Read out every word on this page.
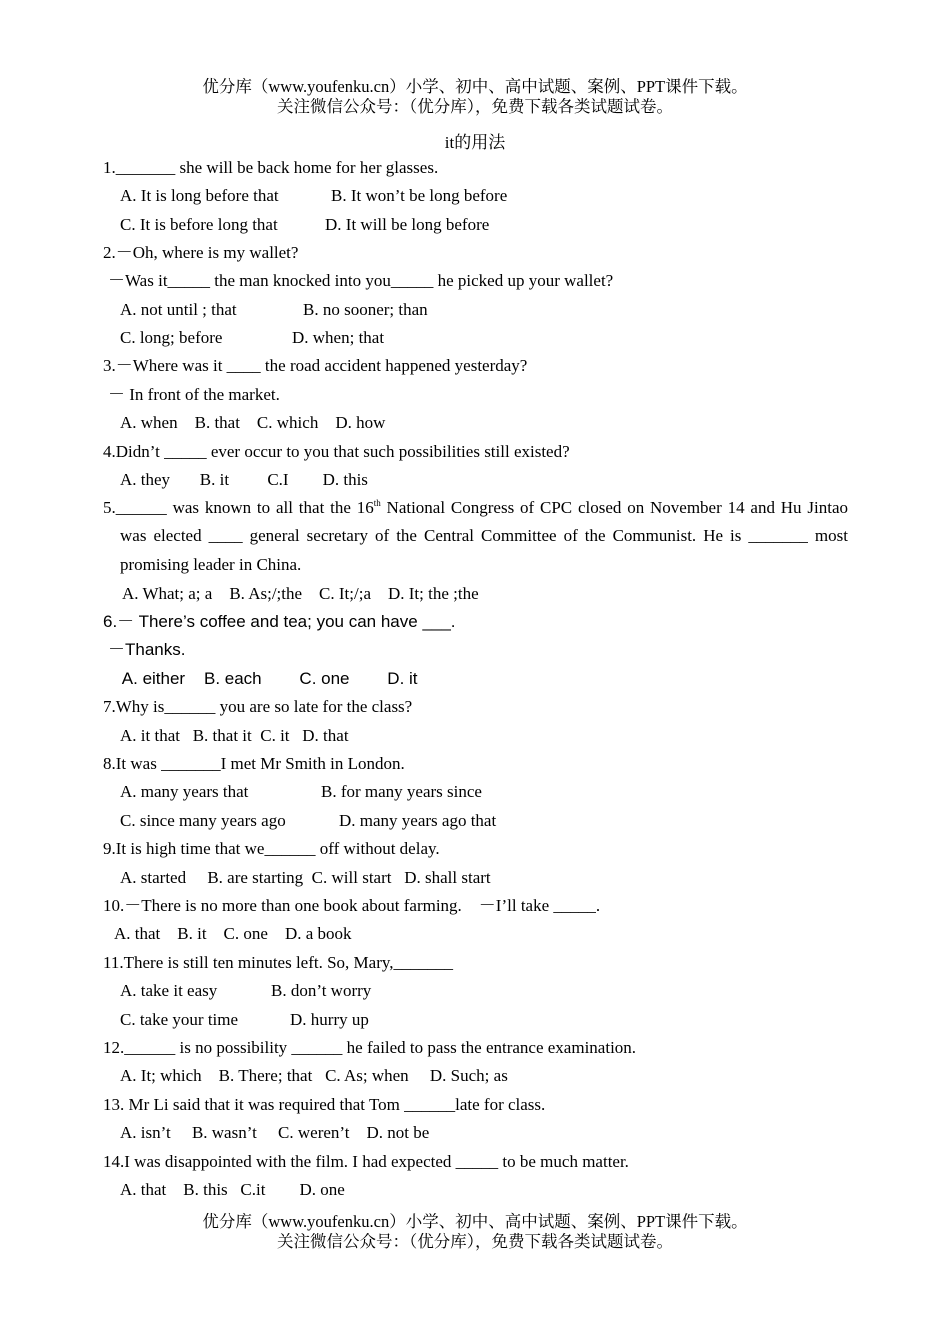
优分库（www.youfenku.cn）小学、初中、高中试题、案例、PPT课件下载。
关注微信公众号：（优分库），免费下载各类试题试卷。
it的用法
1._______ she will be back home for her glasses.
A. It is long before that	B. It won’t be long before
C. It is before long that	D. It will be long before
2.－Oh, where is my wallet?
－Was it_____ the man knocked into you_____ he picked up your wallet?
A. not until ; that	B. no sooner; than
C. long; before	D. when; that
3.－Where was it ____ the road accident happened yesterday?
－ In front of the market.
A. when    B. that    C. which    D. how
4.Didn’t _____ ever occur to you that such possibilities still existed?
A. they       B. it         C.I        D. this
5.______ was known to all that the 16th National Congress of CPC closed on November 14 and Hu Jintao was elected ____ general secretary of the Central Committee of the Communist. He is _______ most promising leader in China.
A. What; a; a    B. As;/;the    C. It;/;a    D. It; the ;the
6.－ There’s coffee and tea; you can have ___.
－Thanks.
A. either    B. each        C. one        D. it
7.Why is______ you are so late for the class?
A. it that   B. that it  C. it   D. that
8.It was _______I met Mr Smith in London.
A. many years that	B. for many years since
C. since many years ago	D. many years ago that
9.It is high time that we______ off without delay.
A. started     B. are starting  C. will start   D. shall start
10.－There is no more than one book about farming.    －I’ll take _____.
A. that    B. it    C. one    D. a book
11.There is still ten minutes left. So, Mary,_______
A. take it easy	B. don’t worry
C. take your time	D. hurry up
12.______ is no possibility ______ he failed to pass the entrance examination.
A. It; which    B. There; that   C. As; when     D. Such; as
13. Mr Li said that it was required that Tom ______late for class.
A. isn’t     B. wasn’t     C. weren’t    D. not be
14.I was disappointed with the film. I had expected _____ to be much matter.
A. that    B. this   C.it        D. one
优分库（www.youfenku.cn）小学、初中、高中试题、案例、PPT课件下载。
关注微信公众号：（优分库），免费下载各类试题试卷。
